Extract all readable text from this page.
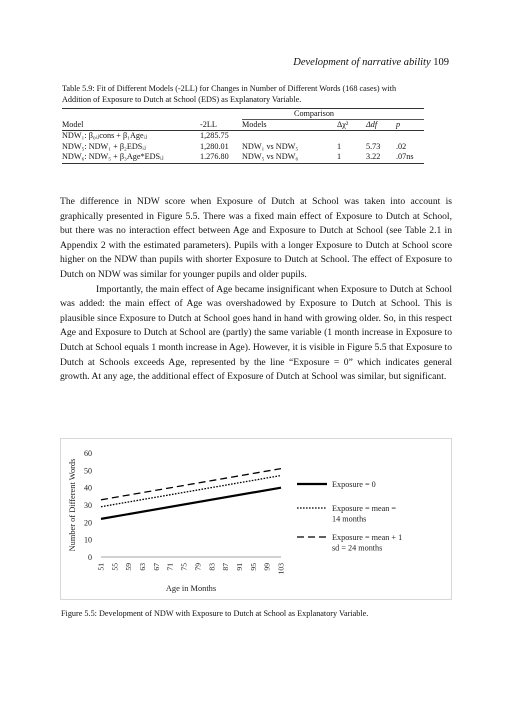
Development of narrative ability 109
Table 5.9: Fit of Different Models (-2LL) for Changes in Number of Different Words (168 cases) with Addition of Exposure to Dutch at School (EDS) as Explanatory Variable.
Comparison
Model	-2LL	Models	Δχ² Δdf p
NDW₁: β₀ᵢⱼcons + β₁Ageᵢⱼ	1,285.75
NDW₅: NDW₁ + β₂EDSᵢⱼ	1,280.01 NDW₁ vs NDW₅	1	5.73 .02
NDW₆: NDW₅ + β₃Age*EDSᵢⱼ	1.276.80 NDW₅ vs NDW₆	1	3.22 .07ns

The difference in NDW score when Exposure of Dutch at School was taken into account is graphically presented in Figure 5.5. There was a fixed main effect of Exposure to Dutch at School, but there was no interaction effect between Age and Exposure to Dutch at School (see Table 2.1 in Appendix 2 with the estimated parameters). Pupils with a longer Exposure to Dutch at School score higher on the NDW than pupils with shorter Exposure to Dutch at School. The effect of Exposure to Dutch on NDW was similar for younger pupils and older pupils.

Importantly, the main effect of Age became insignificant when Exposure to Dutch at School was added: the main effect of Age was overshadowed by Exposure to Dutch at School. This is plausible since Exposure to Dutch at School goes hand in hand with growing older. So, in this respect Age and Exposure to Dutch at School are (partly) the same variable (1 month increase in Exposure to Dutch at School equals 1 month increase in Age). However, it is visible in Figure 5.5 that Exposure to Dutch at Schools exceeds Age, represented by the line “Exposure = 0” which indicates general growth. At any age, the additional effect of Exposure of Dutch at School was similar, but significant.

0
10
20
30
40
50
60
51 55 59 63 67 71 75 79 83 87 91 95 99 103
Age in Months
Number of Different Words	Exposure = 0
Exposure = mean = 14 months
Exposure = mean + 1 sd = 24 months
Figure 5.5: Development of NDW with Exposure to Dutch at School as Explanatory Variable.
